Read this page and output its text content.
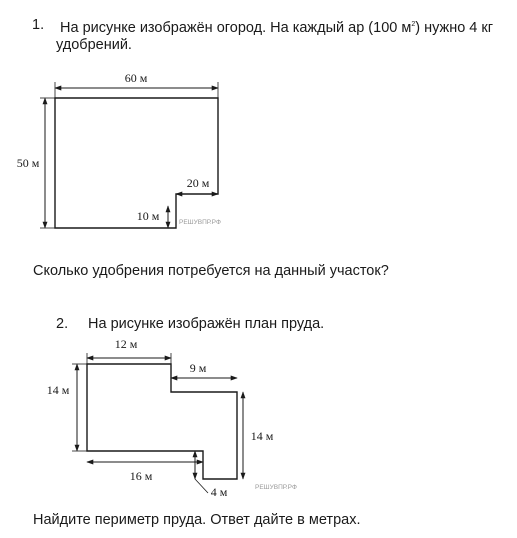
1. На рисунке изображён огород. На каждый ар (100 $м^2$) нужно 4 кг
удобрений.
60 м
50 м
20 м
10 м	РЕШУВПР.РФ
Сколько удобрения потребуется на данный участок?
2. На рисунке изображён план пруда.
12 м
9 м
14 м
14 м
16 м
4 м	РЕШУВПР.РФ
Найдите периметр пруда. Ответ дайте в метрах.
